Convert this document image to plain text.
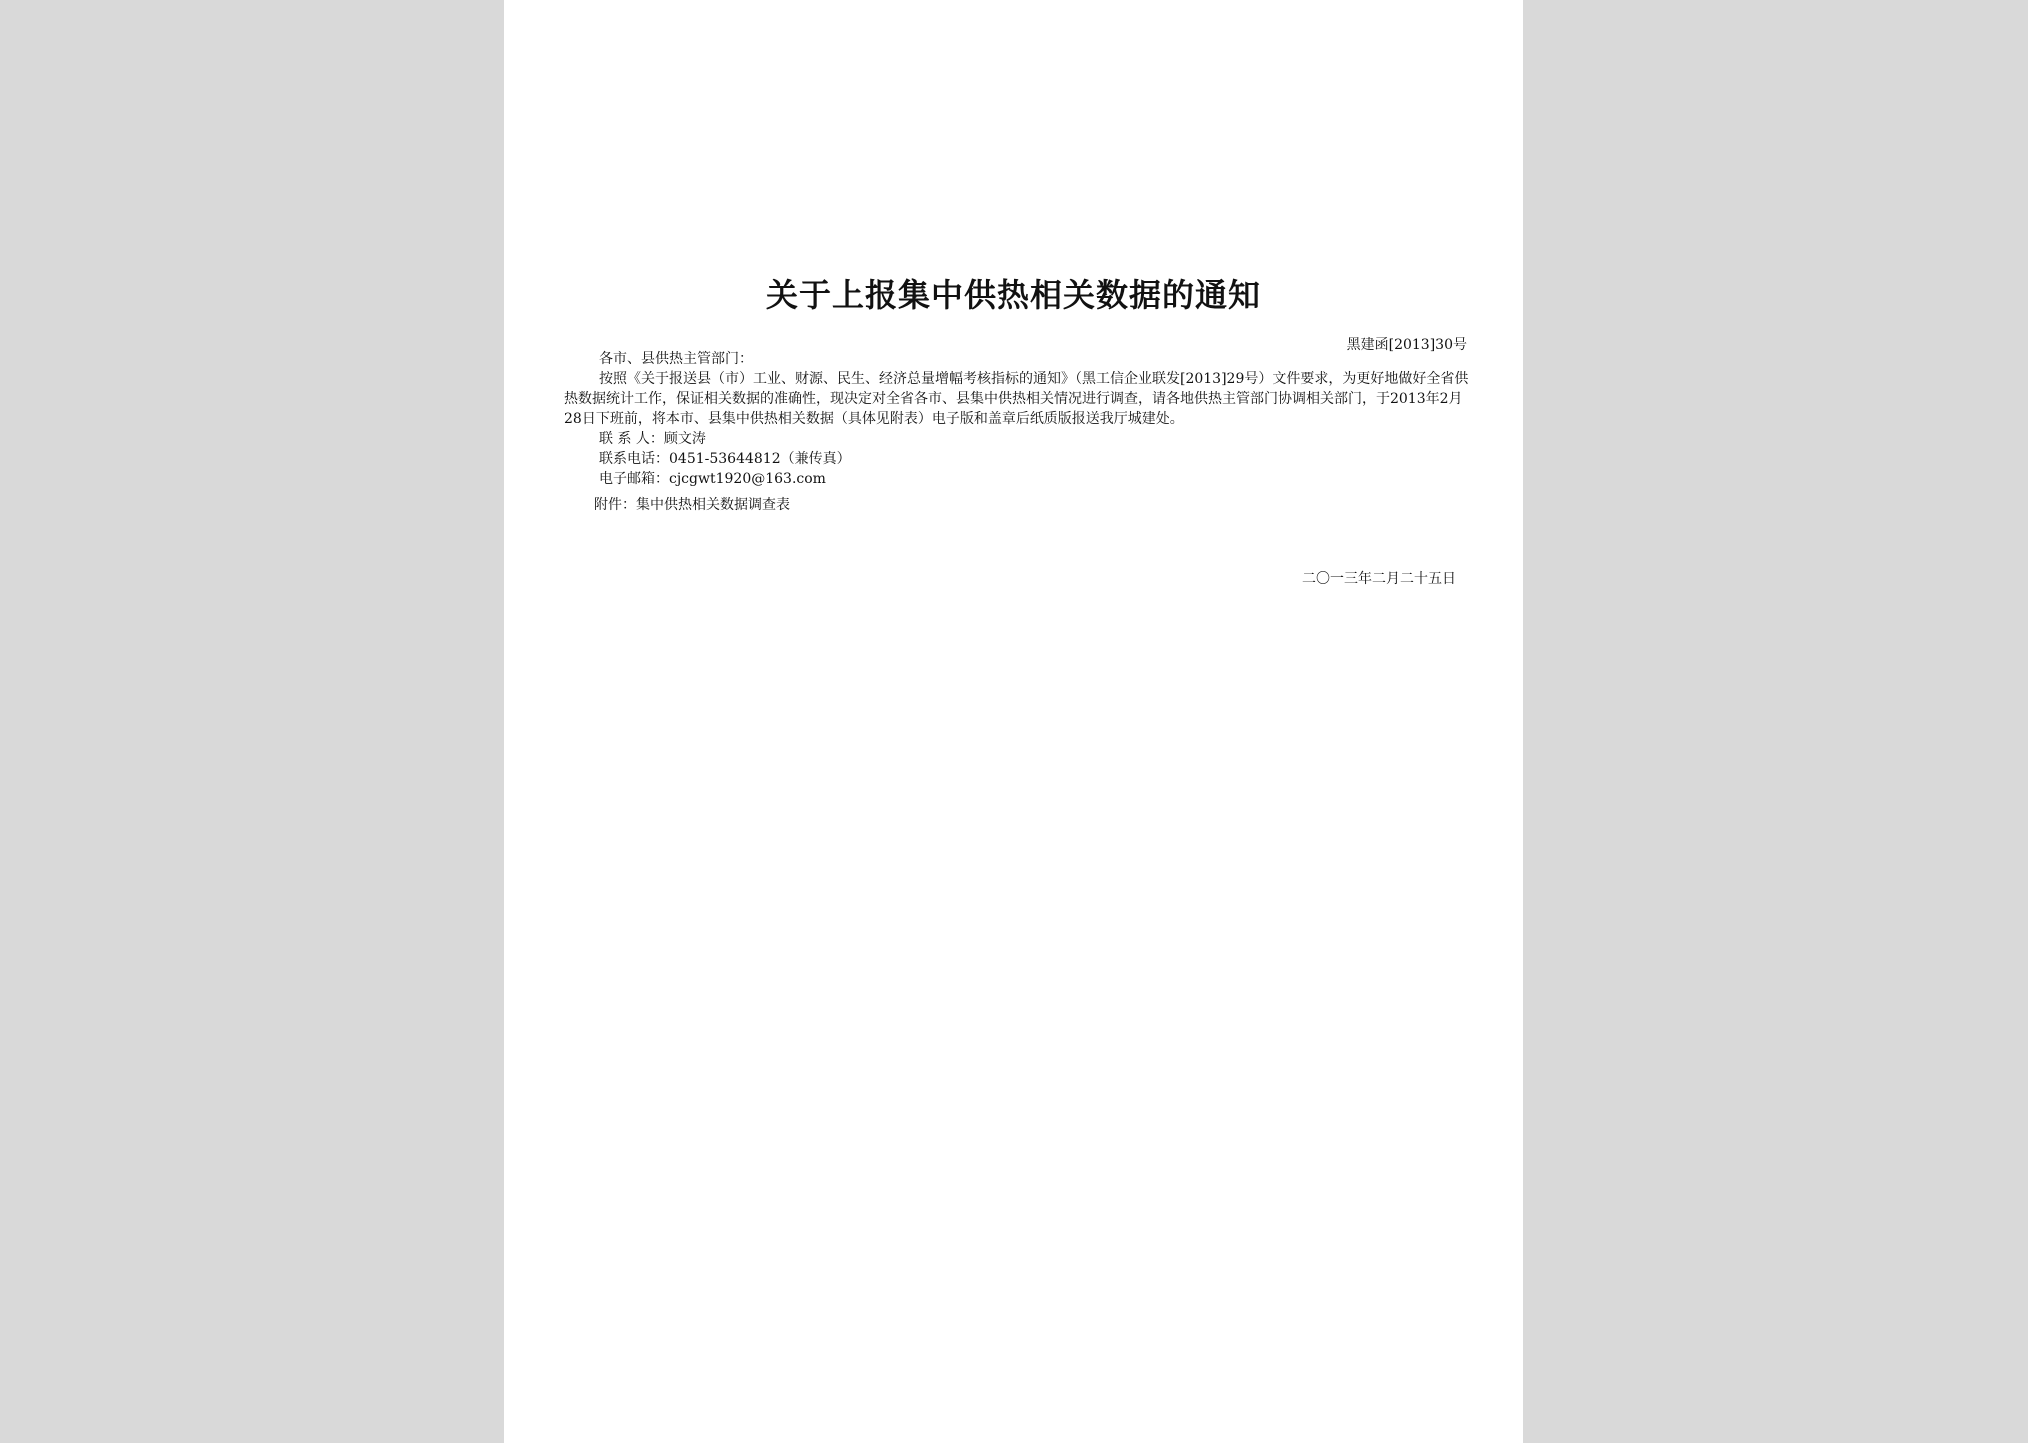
关于上报集中供热相关数据的通知
黑建函[2013]30号

各市、县供热主管部门：

按照《关于报送县（市）工业、财源、民生、经济总量增幅考核指标的通知》（黑工信企业联发[2013]29号）文件要求，为更好地做好全省供热数据统计工作，保证相关数据的准确性，现决定对全省各市、县集中供热相关情况进行调查，请各地供热主管部门协调相关部门，于2013年2月28日下班前，将本市、县集中供热相关数据（具体见附表）电子版和盖章后纸质版报送我厅城建处。

联 系 人：顾文涛

联系电话：0451-53644812（兼传真）

电子邮箱：cjcgwt1920@163.com

附件：集中供热相关数据调查表

二〇一三年二月二十五日
